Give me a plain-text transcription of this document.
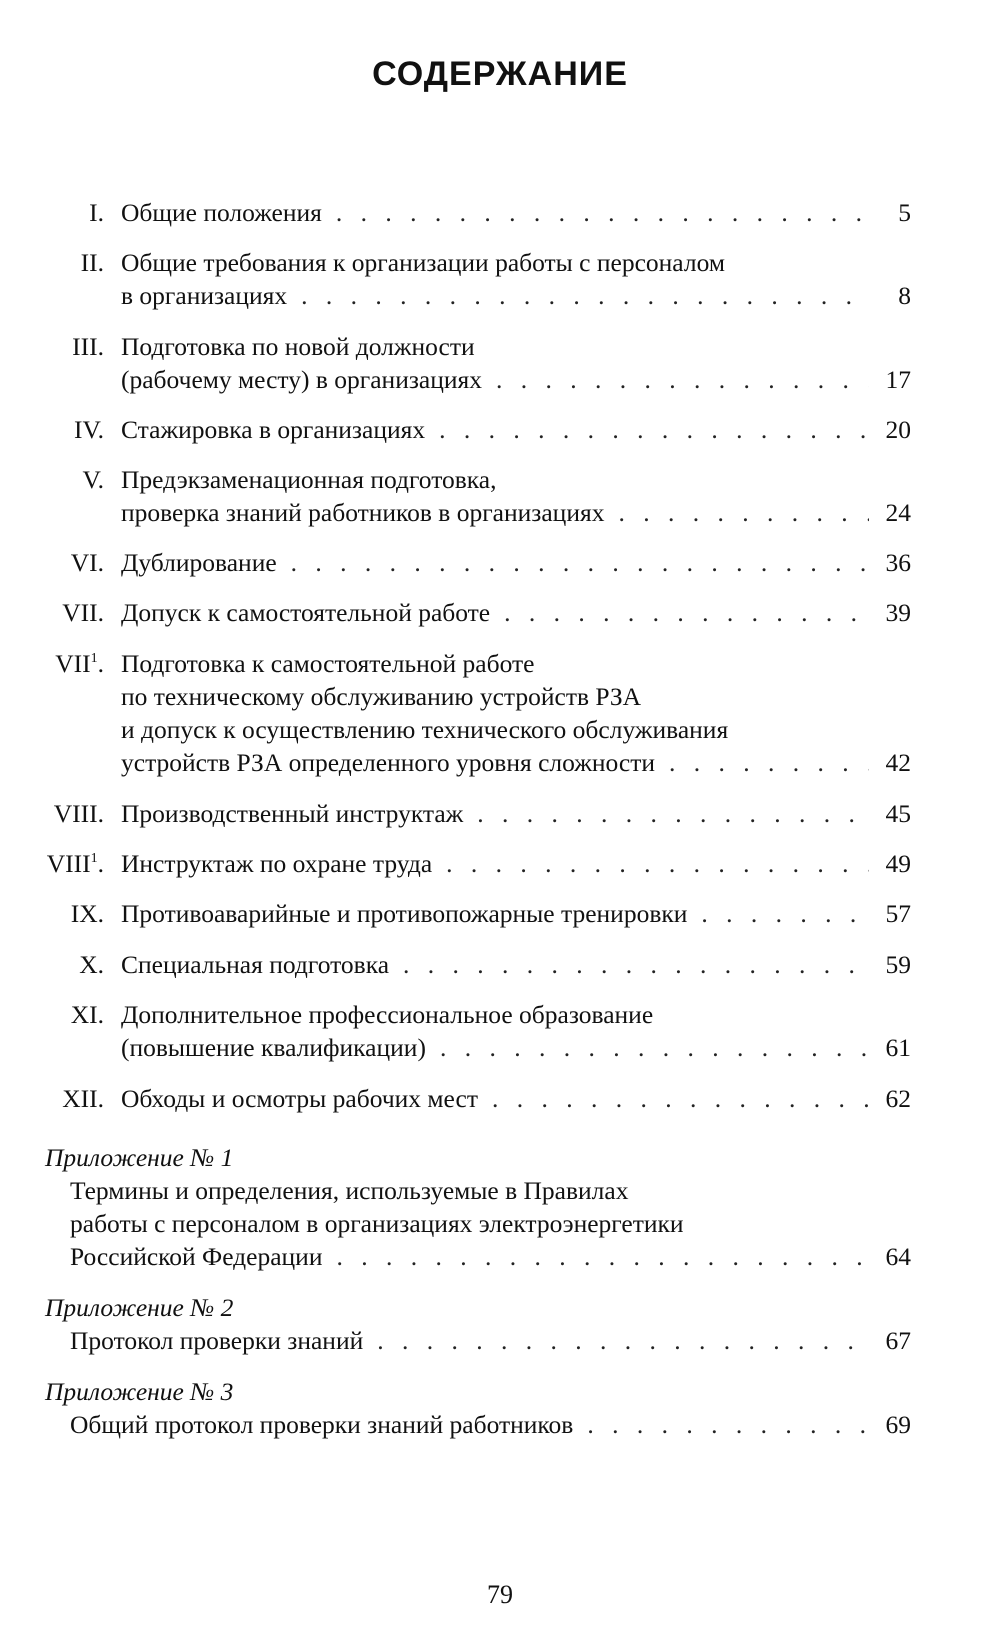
СОДЕРЖАНИЕ
I. Общие положения . . .	5
II. Общие требования к организации работы с персоналом
в организациях . . .	8
III. Подготовка по новой должности
(рабочему месту) в организациях . . .	17
IV. Стажировка в организациях . . .	20
V. Предэкзаменационная подготовка,
проверка знаний работников в организациях . . .	24
VI. Дублирование . . .	36
VII. Допуск к самостоятельной работе . . .	39
VII$^1$. Подготовка к самостоятельной работе
по техническому обслуживанию устройств РЗА
и допуск к осуществлению технического обслуживания
устройств РЗА определенного уровня сложности . . .	42
VIII. Производственный инструктаж . . .	45
VIII$^1$. Инструктаж по охране труда . . .	49
IX. Противоаварийные и противопожарные тренировки . . .	57
X. Специальная подготовка . . .	59
XI. Дополнительное профессиональное образование
(повышение квалификации) . . .	61
XII. Обходы и осмотры рабочих мест . . .	62
Приложение № 1
Термины и определения, используемые в Правилах
работы с персоналом в организациях электроэнергетики
Российской Федерации . . .	64
Приложение № 2
Протокол проверки знаний . . .	67
Приложение № 3
Общий протокол проверки знаний работников . . .	69
79
